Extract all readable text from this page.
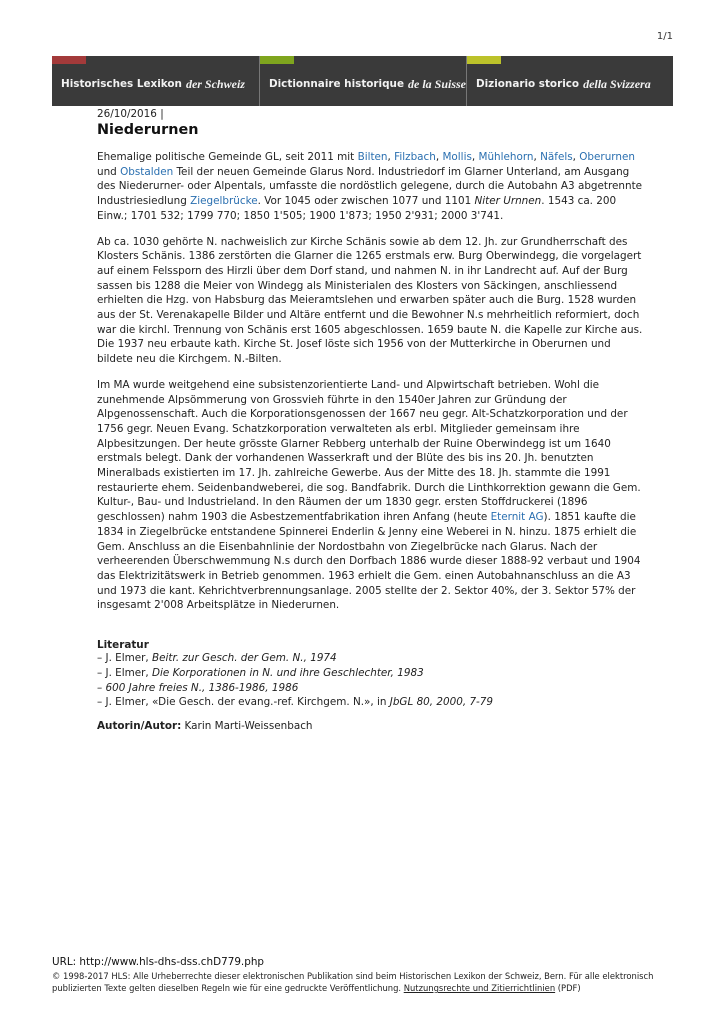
1/1
Historisches Lexikon der Schweiz Dictionnaire historique de la Suisse Dizionario storico della Svizzera
26/10/2016 |
Niederurnen

Ehemalige politische Gemeinde GL, seit 2011 mit Bilten, Filzbach, Mollis, Mühlehorn, Näfels, Oberurnen und Obstalden Teil der neuen Gemeinde Glarus Nord. Industriedorf im Glarner Unterland, am Ausgang des Niederurner- oder Alpentals, umfasste die nordöstlich gelegene, durch die Autobahn A3 abgetrennte Industriesiedlung Ziegelbrücke. Vor 1045 oder zwischen 1077 und 1101 Niter Urnnen. 1543 ca. 200 Einw.; 1701 532; 1799 770; 1850 1'505; 1900 1'873; 1950 2'931; 2000 3'741.

Ab ca. 1030 gehörte N. nachweislich zur Kirche Schänis sowie ab dem 12. Jh. zur Grundherrschaft des Klosters Schänis. 1386 zerstörten die Glarner die 1265 erstmals erw. Burg Oberwindegg, die vorgelagert auf einem Felssporn des Hirzli über dem Dorf stand, und nahmen N. in ihr Landrecht auf. Auf der Burg sassen bis 1288 die Meier von Windegg als Ministerialen des Klosters von Säckingen, anschliessend erhielten die Hzg. von Habsburg das Meieramtslehen und erwarben später auch die Burg. 1528 wurden aus der St. Verenakapelle Bilder und Altäre entfernt und die Bewohner N.s mehrheitlich reformiert, doch war die kirchl. Trennung von Schänis erst 1605 abgeschlossen. 1659 baute N. die Kapelle zur Kirche aus. Die 1937 neu erbaute kath. Kirche St. Josef löste sich 1956 von der Mutterkirche in Oberurnen und bildete neu die Kirchgem. N.-Bilten.

Im MA wurde weitgehend eine subsistenzorientierte Land- und Alpwirtschaft betrieben. Wohl die zunehmende Alpsömmerung von Grossvieh führte in den 1540er Jahren zur Gründung der Alpgenossenschaft. Auch die Korporationsgenossen der 1667 neu gegr. Alt-Schatzkorporation und der 1756 gegr. Neuen Evang. Schatzkorporation verwalteten als erbl. Mitglieder gemeinsam ihre Alpbesitzungen. Der heute grösste Glarner Rebberg unterhalb der Ruine Oberwindegg ist um 1640 erstmals belegt. Dank der vorhandenen Wasserkraft und der Blüte des bis ins 20. Jh. benutzten Mineralbads existierten im 17. Jh. zahlreiche Gewerbe. Aus der Mitte des 18. Jh. stammte die 1991 restaurierte ehem. Seidenbandweberei, die sog. Bandfabrik. Durch die Linthkorrektion gewann die Gem. Kultur-, Bau- und Industrieland. In den Räumen der um 1830 gegr. ersten Stoffdruckerei (1896 geschlossen) nahm 1903 die Asbestzementfabrikation ihren Anfang (heute Eternit AG). 1851 kaufte die 1834 in Ziegelbrücke entstandene Spinnerei Enderlin & Jenny eine Weberei in N. hinzu. 1875 erhielt die Gem. Anschluss an die Eisenbahnlinie der Nordostbahn von Ziegelbrücke nach Glarus. Nach der verheerenden Überschwemmung N.s durch den Dorfbach 1886 wurde dieser 1888-92 verbaut und 1904 das Elektrizitätswerk in Betrieb genommen. 1963 erhielt die Gem. einen Autobahnanschluss an die A3 und 1973 die kant. Kehrichtverbrennungsanlage. 2005 stellte der 2. Sektor 40%, der 3. Sektor 57% der insgesamt 2'008 Arbeitsplätze in Niederurnen.

Literatur
– J. Elmer, Beitr. zur Gesch. der Gem. N., 1974
– J. Elmer, Die Korporationen in N. und ihre Geschlechter, 1983
– 600 Jahre freies N., 1386-1986, 1986
– J. Elmer, «Die Gesch. der evang.-ref. Kirchgem. N.», in JbGL 80, 2000, 7-79
Autorin/Autor: Karin Marti-Weissenbach
URL: http://www.hls-dhs-dss.chD779.php
© 1998-2017 HLS: Alle Urheberrechte dieser elektronischen Publikation sind beim Historischen Lexikon der Schweiz, Bern. Für alle elektronisch publizierten Texte gelten dieselben Regeln wie für eine gedruckte Veröffentlichung. Nutzungsrechte und Zitierrichtlinien (PDF)
